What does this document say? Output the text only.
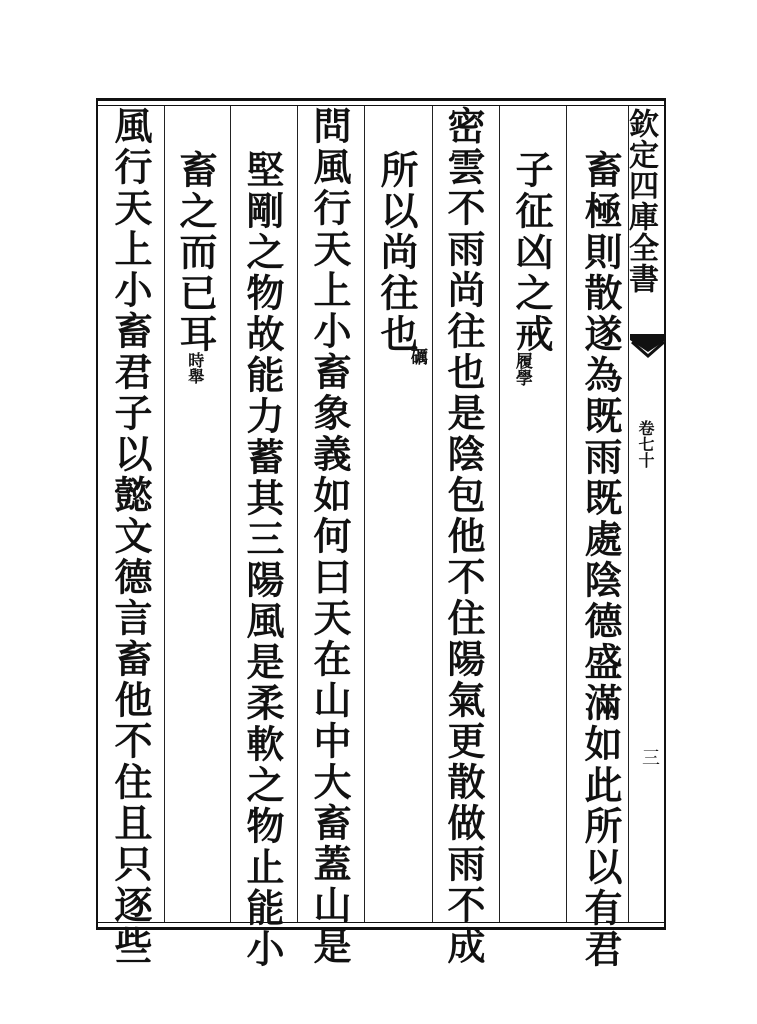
欽定四庫全書
卷七十
三
畜極則散遂為既雨既處陰德盛滿如此所以有君
子征凶之戒
履學
密雲不雨尚往也是陰包他不住陽氣更散做雨不成
所以尚往也
礪
問風行天上小畜象義如何曰天在山中大畜蓋山是
堅剛之物故能力蓄其三陽風是柔軟之物止能小
畜之而已耳
時舉
風行天上小畜君子以懿文德言畜他不住且只逐些
